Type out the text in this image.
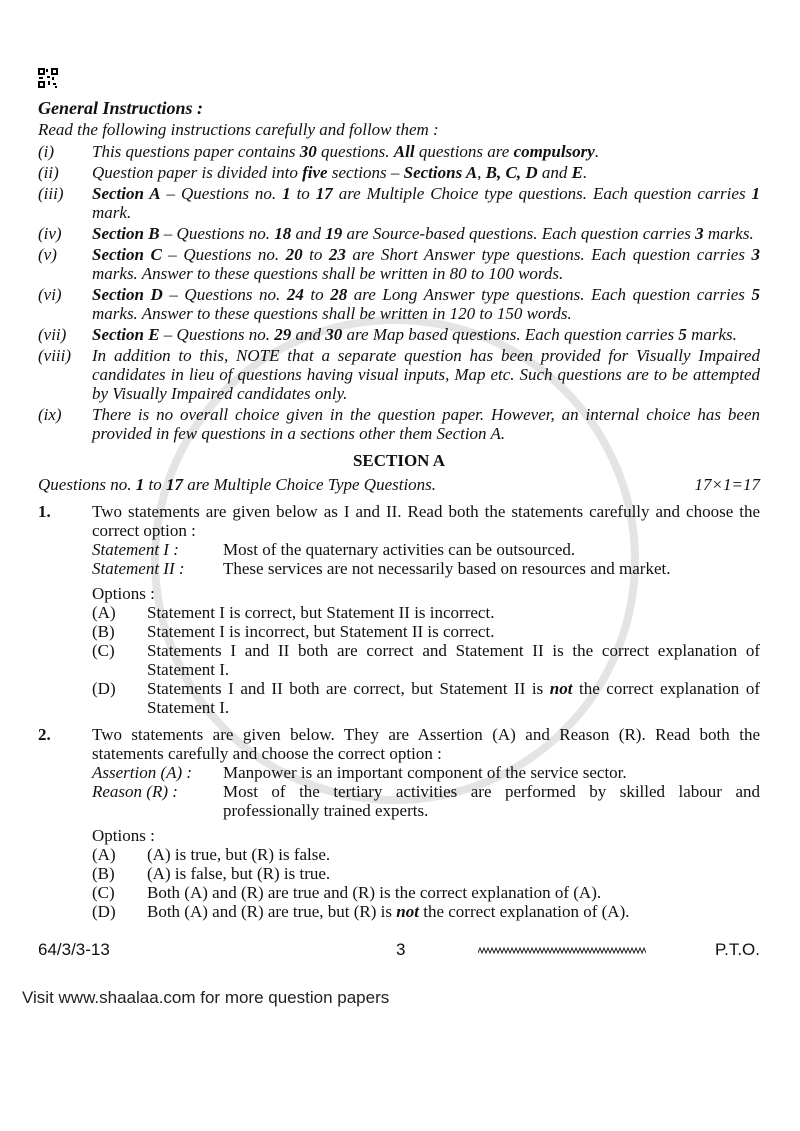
General Instructions :
Read the following instructions carefully and follow them :
(i)	This questions paper contains 30 questions. All questions are compulsory.
(ii)	Question paper is divided into five sections – Sections A, B, C, D and E.
(iii)	Section A – Questions no. 1 to 17 are Multiple Choice type questions. Each question carries 1 mark.
(iv)	Section B – Questions no. 18 and 19 are Source-based questions. Each question carries 3 marks.
(v)	Section C – Questions no. 20 to 23 are Short Answer type questions. Each question carries 3 marks. Answer to these questions shall be written in 80 to 100 words.
(vi)	Section D – Questions no. 24 to 28 are Long Answer type questions. Each question carries 5 marks. Answer to these questions shall be written in 120 to 150 words.
(vii)	Section E – Questions no. 29 and 30 are Map based questions. Each question carries 5 marks.
(viii)	In addition to this, NOTE that a separate question has been provided for Visually Impaired candidates in lieu of questions having visual inputs, Map etc. Such questions are to be attempted by Visually Impaired candidates only.
(ix)	There is no overall choice given in the question paper. However, an internal choice has been provided in few questions in a sections other them Section A.
SECTION A
Questions no. 1 to 17 are Multiple Choice Type Questions.	17×1=17
1. Two statements are given below as I and II. Read both the statements carefully and choose the correct option :
Statement I :	Most of the quaternary activities can be outsourced.
Statement II :	These services are not necessarily based on resources and market.
Options :
(A)	Statement I is correct, but Statement II is incorrect.
(B)	Statement I is incorrect, but Statement II is correct.
(C)	Statements I and II both are correct and Statement II is the correct explanation of Statement I.
(D)	Statements I and II both are correct, but Statement II is not the correct explanation of Statement I.
2. Two statements are given below. They are Assertion (A) and Reason (R). Read both the statements carefully and choose the correct option :
Assertion (A) :	Manpower is an important component of the service sector.
Reason (R) :	Most of the tertiary activities are performed by skilled labour and professionally trained experts.
Options :
(A)	(A) is true, but (R) is false.
(B)	(A) is false, but (R) is true.
(C)	Both (A) and (R) are true and (R) is the correct explanation of (A).
(D)	Both (A) and (R) are true, but (R) is not the correct explanation of (A).
64/3/3-13	3	P.T.O.
Visit www.shaalaa.com for more question papers
